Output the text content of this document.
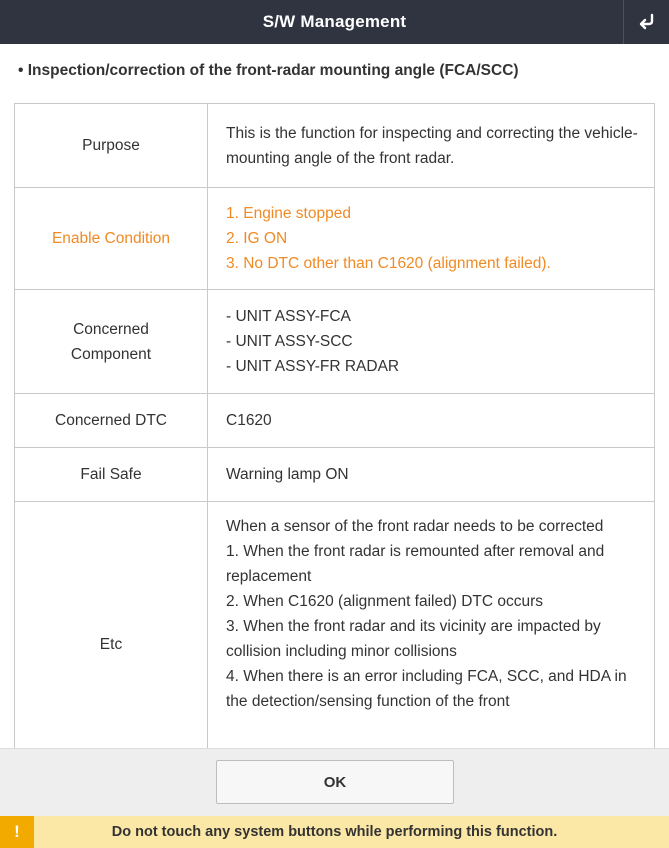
S/W Management
• Inspection/correction of the front-radar mounting angle (FCA/SCC)
Purpose	This is the function for inspecting and correcting the vehicle-mounting angle of the front radar.

Enable Condition	1. Engine stopped
2. IG ON
3. No DTC other than C1620 (alignment failed).

Concerned Component	- UNIT ASSY-FCA
- UNIT ASSY-SCC
- UNIT ASSY-FR RADAR

Concerned DTC	C1620
Fail Safe	Warning lamp ON
Etc	When a sensor of the front radar needs to be corrected
1. When the front radar is remounted after removal and replacement
2. When C1620 (alignment failed) DTC occurs
3. When the front radar and its vicinity are impacted by collision including minor collisions
4. When there is an error including FCA, SCC, and HDA in the detection/sensing function of the front
OK
!	Do not touch any system buttons while performing this function.
